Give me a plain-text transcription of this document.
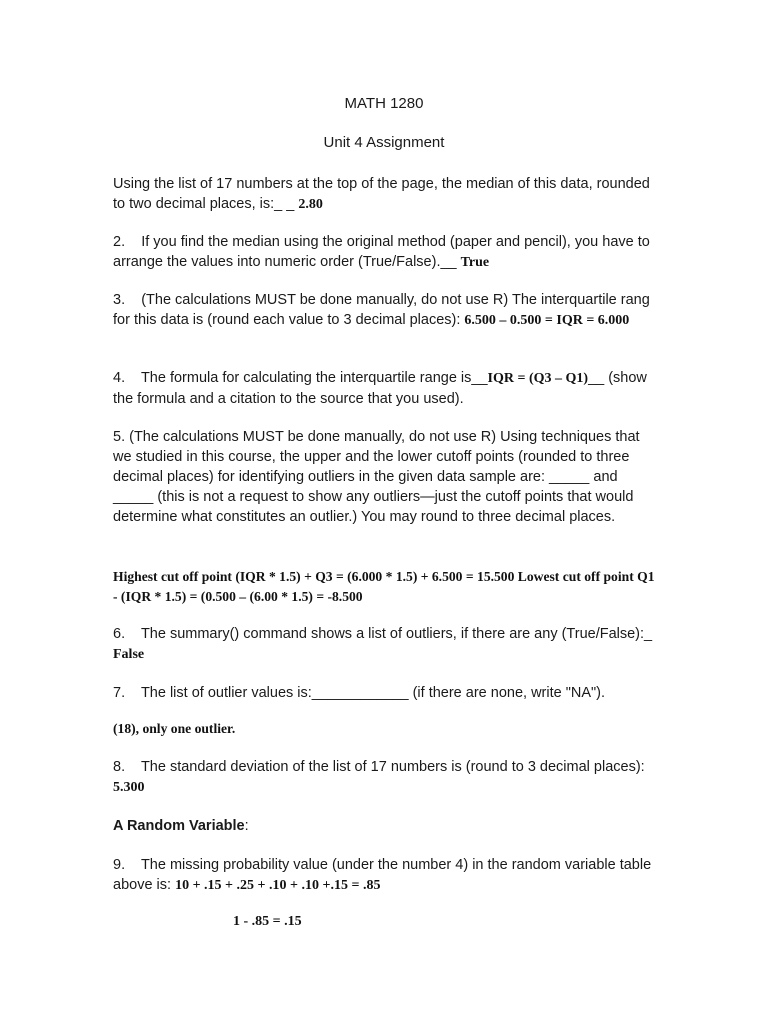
MATH 1280
Unit 4 Assignment

Using the list of 17 numbers at the top of the page, the median of this data, rounded to two decimal places, is:_ _ 2.80

2.    If you find the median using the original method (paper and pencil), you have to arrange the values into numeric order (True/False).__ True

3.    (The calculations MUST be done manually, do not use R) The interquartile rang for this data is (round each value to 3 decimal places): 6.500 – 0.500 = IQR = 6.000

4.    The formula for calculating the interquartile range is__IQR = (Q3 – Q1)__ (show the formula and a citation to the source that you used).

5. (The calculations MUST be done manually, do not use R) Using techniques that we studied in this course, the upper and the lower cutoff points (rounded to three decimal places) for identifying outliers in the given data sample are: _____ and _____ (this is not a request to show any outliers—just the cutoff points that would determine what constitutes an outlier.) You may round to three decimal places.

Highest cut off point (IQR * 1.5) + Q3 = (6.000 * 1.5) + 6.500 = 15.500 Lowest cut off point Q1 - (IQR * 1.5) = (0.500 – (6.00 * 1.5) = -8.500

6.    The summary() command shows a list of outliers, if there are any (True/False):_ False

7.    The list of outlier values is:____________ (if there are none, write "NA").

(18), only one outlier.

8.    The standard deviation of the list of 17 numbers is (round to 3 decimal places): 5.300

A Random Variable:

9.    The missing probability value (under the number 4) in the random variable table above is: 10 + .15 + .25 + .10 + .10 +.15 = .85

1 - .85 = .15
